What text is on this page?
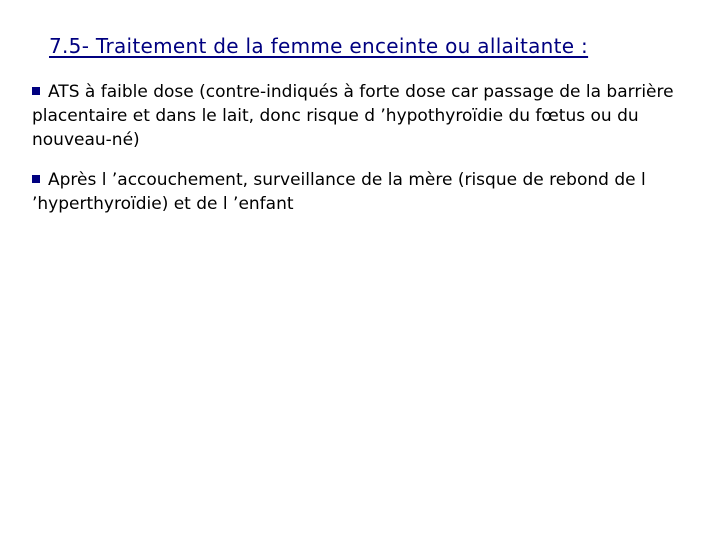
7.5- Traitement de la femme enceinte ou allaitante :
ATS à faible dose (contre-indiqués à forte dose car passage de la barrière placentaire et dans le lait, donc risque d ’hypothyroïdie du fœtus ou du nouveau-né)
Après l ’accouchement, surveillance de la mère (risque de rebond de l ’hyperthyroïdie) et de l ’enfant
